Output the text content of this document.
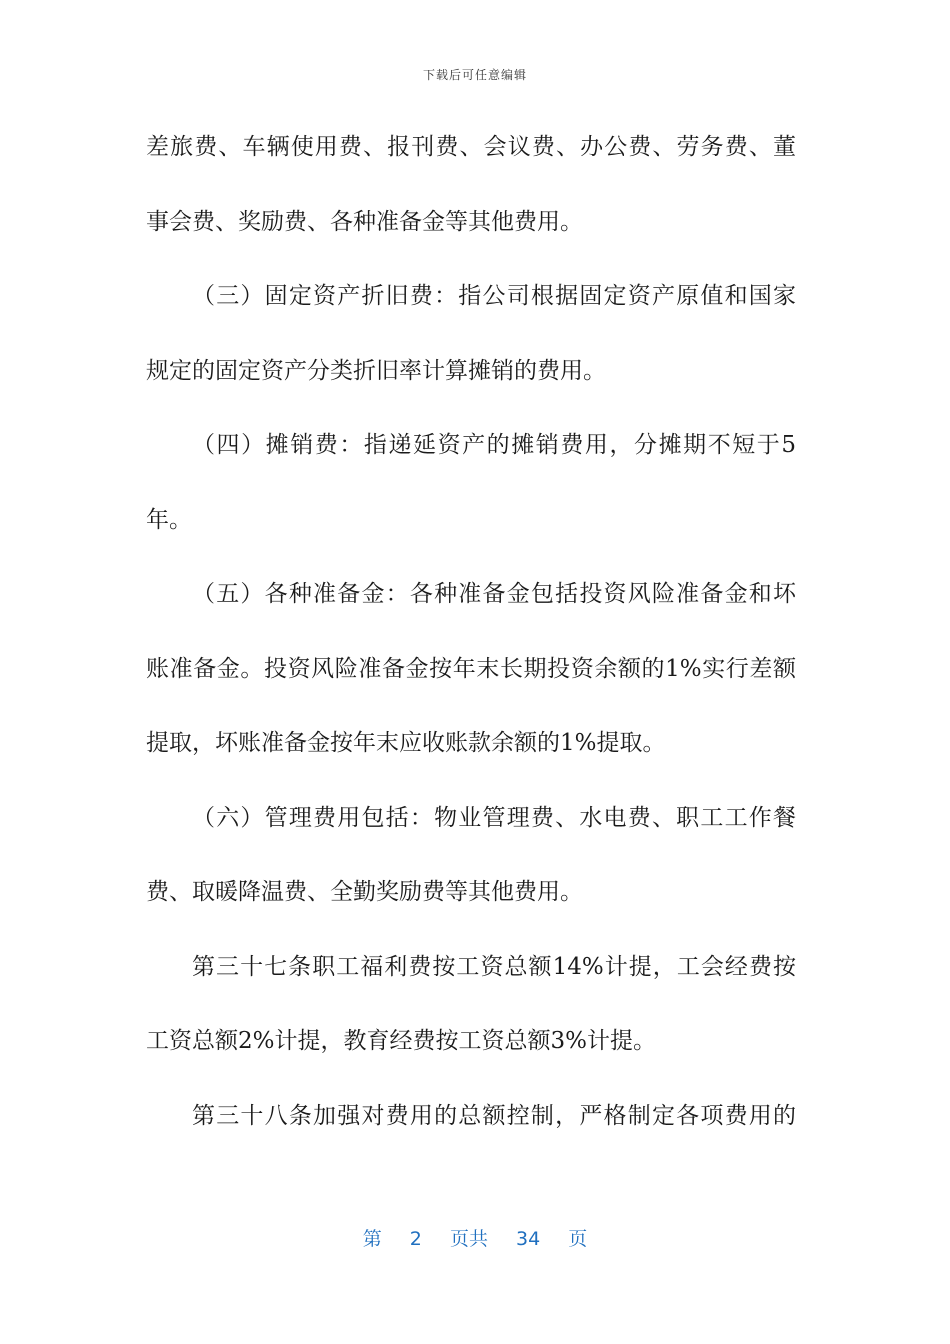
下载后可任意编辑
差旅费、车辆使用费、报刊费、会议费、办公费、劳务费、董
事会费、奖励费、各种准备金等其他费用。
（三）固定资产折旧费：指公司根据固定资产原值和国家
规定的固定资产分类折旧率计算摊销的费用。
（四）摊销费：指递延资产的摊销费用，分摊期不短于5
年。
（五）各种准备金：各种准备金包括投资风险准备金和坏
账准备金。投资风险准备金按年末长期投资余额的1%实行差额
提取，坏账准备金按年末应收账款余额的1%提取。
（六）管理费用包括：物业管理费、水电费、职工工作餐
费、取暖降温费、全勤奖励费等其他费用。
第三十七条职工福利费按工资总额14%计提，工会经费按
工资总额2%计提，教育经费按工资总额3%计提。
第三十八条加强对费用的总额控制，严格制定各项费用的
第 2 页共 34 页
